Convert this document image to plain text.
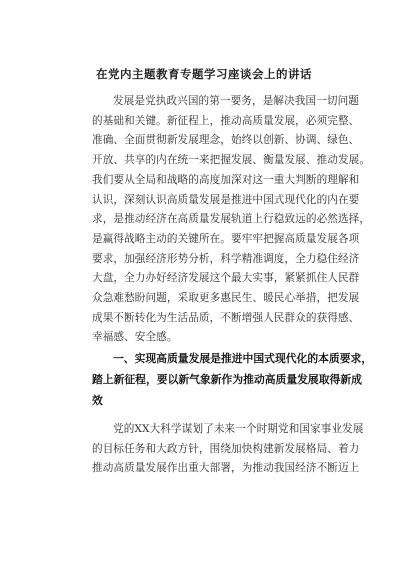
在党内主题教育专题学习座谈会上的讲话

发展是党执政兴国的第一要务，是解决我国一切问题
的基础和关键。新征程上，推动高质量发展，必须完整、
准确、全面贯彻新发展理念，始终以创新、协调、绿色、
开放、共享的内在统一来把握发展、衡量发展、推动发展。
我们要从全局和战略的高度加深对这一重大判断的理解和
认识，深刻认识高质量发展是推进中国式现代化的内在要
求，是推动经济在高质量发展轨道上行稳致远的必然选择，
是赢得战略主动的关键所在。要牢牢把握高质量发展各项
要求，加强经济形势分析，科学精准调度，全力稳住经济
大盘，全力办好经济发展这个最大实事，紧紧抓住人民群
众急难愁盼问题，采取更多惠民生、暖民心举措，把发展
成果不断转化为生活品质，不断增强人民群众的获得感、
幸福感、安全感。

一、实现高质量发展是推进中国式现代化的本质要求，
踏上新征程，要以新气象新作为推动高质量发展取得新成
效

党的XX大科学谋划了未来一个时期党和国家事业发展
的目标任务和大政方针，围绕加快构建新发展格局、着力
推动高质量发展作出重大部署，为推动我国经济不断迈上
